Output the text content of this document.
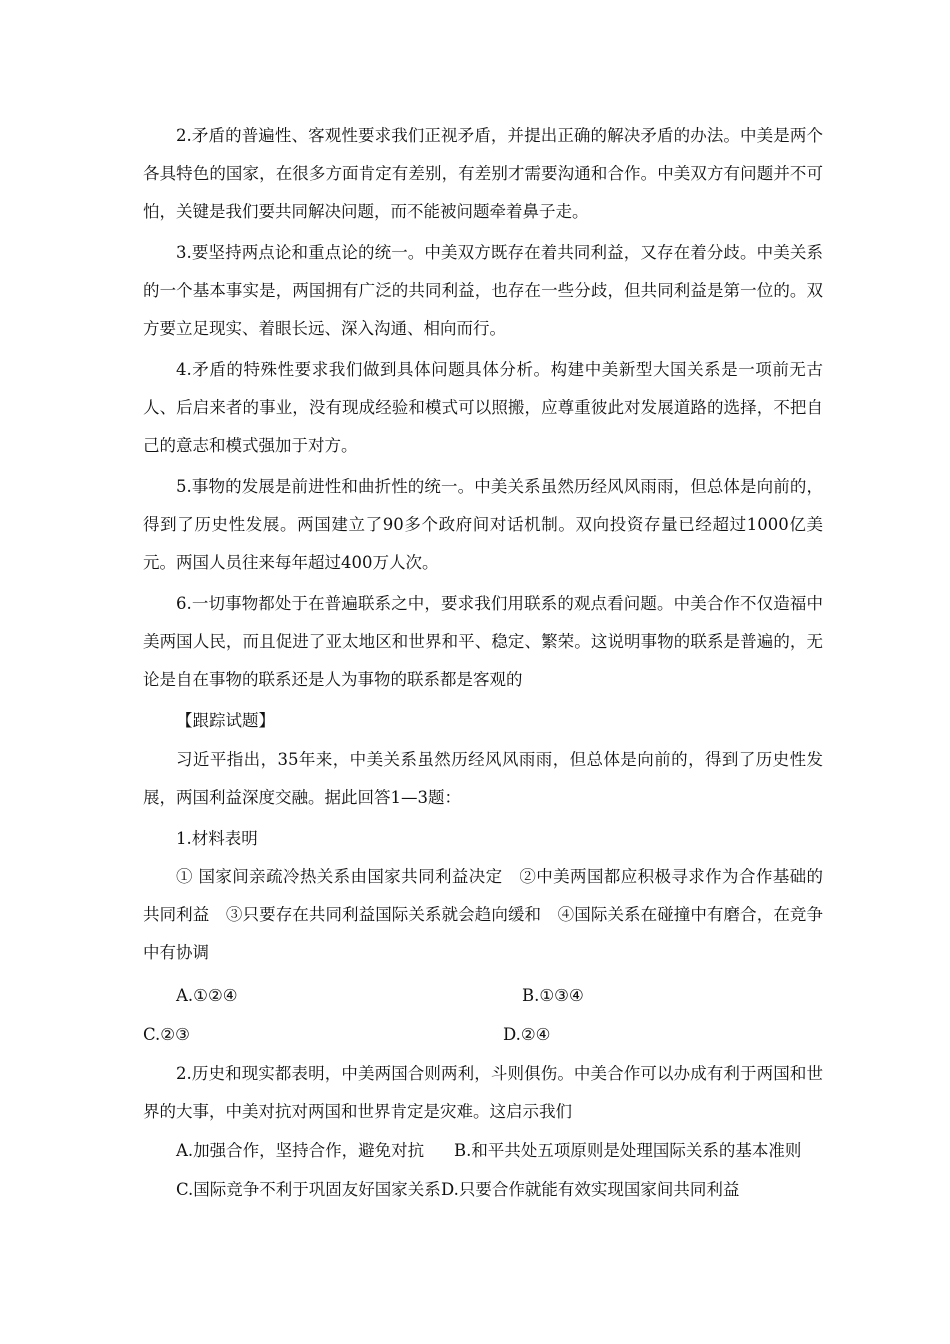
2.矛盾的普遍性、客观性要求我们正视矛盾，并提出正确的解决矛盾的办法。中美是两个各具特色的国家，在很多方面肯定有差别，有差别才需要沟通和合作。中美双方有问题并不可怕，关键是我们要共同解决问题，而不能被问题牵着鼻子走。

3.要坚持两点论和重点论的统一。中美双方既存在着共同利益，又存在着分歧。中美关系的一个基本事实是，两国拥有广泛的共同利益，也存在一些分歧，但共同利益是第一位的。双方要立足现实、着眼长远、深入沟通、相向而行。

4.矛盾的特殊性要求我们做到具体问题具体分析。构建中美新型大国关系是一项前无古人、后启来者的事业，没有现成经验和模式可以照搬，应尊重彼此对发展道路的选择，不把自己的意志和模式强加于对方。

5.事物的发展是前进性和曲折性的统一。中美关系虽然历经风风雨雨，但总体是向前的，得到了历史性发展。两国建立了90多个政府间对话机制。双向投资存量已经超过1000亿美元。两国人员往来每年超过400万人次。

6.一切事物都处于在普遍联系之中，要求我们用联系的观点看问题。中美合作不仅造福中美两国人民，而且促进了亚太地区和世界和平、稳定、繁荣。这说明事物的联系是普遍的，无论是自在事物的联系还是人为事物的联系都是客观的

【跟踪试题】

习近平指出，35年来，中美关系虽然历经风风雨雨，但总体是向前的，得到了历史性发展，两国利益深度交融。据此回答1—3题：

1.材料表明

① 国家间亲疏冷热关系由国家共同利益决定　②中美两国都应积极寻求作为合作基础的共同利益　③只要存在共同利益国际关系就会趋向缓和　④国际关系在碰撞中有磨合，在竞争中有协调

A.①②④	B.①③④

C.②③	D.②④

2.历史和现实都表明，中美两国合则两利，斗则俱伤。中美合作可以办成有利于两国和世界的大事，中美对抗对两国和世界肯定是灾难。这启示我们

A.加强合作，坚持合作，避免对抗 B.和平共处五项原则是处理国际关系的基本准则

C.国际竞争不利于巩固友好国家关系 D.只要合作就能有效实现国家间共同利益
